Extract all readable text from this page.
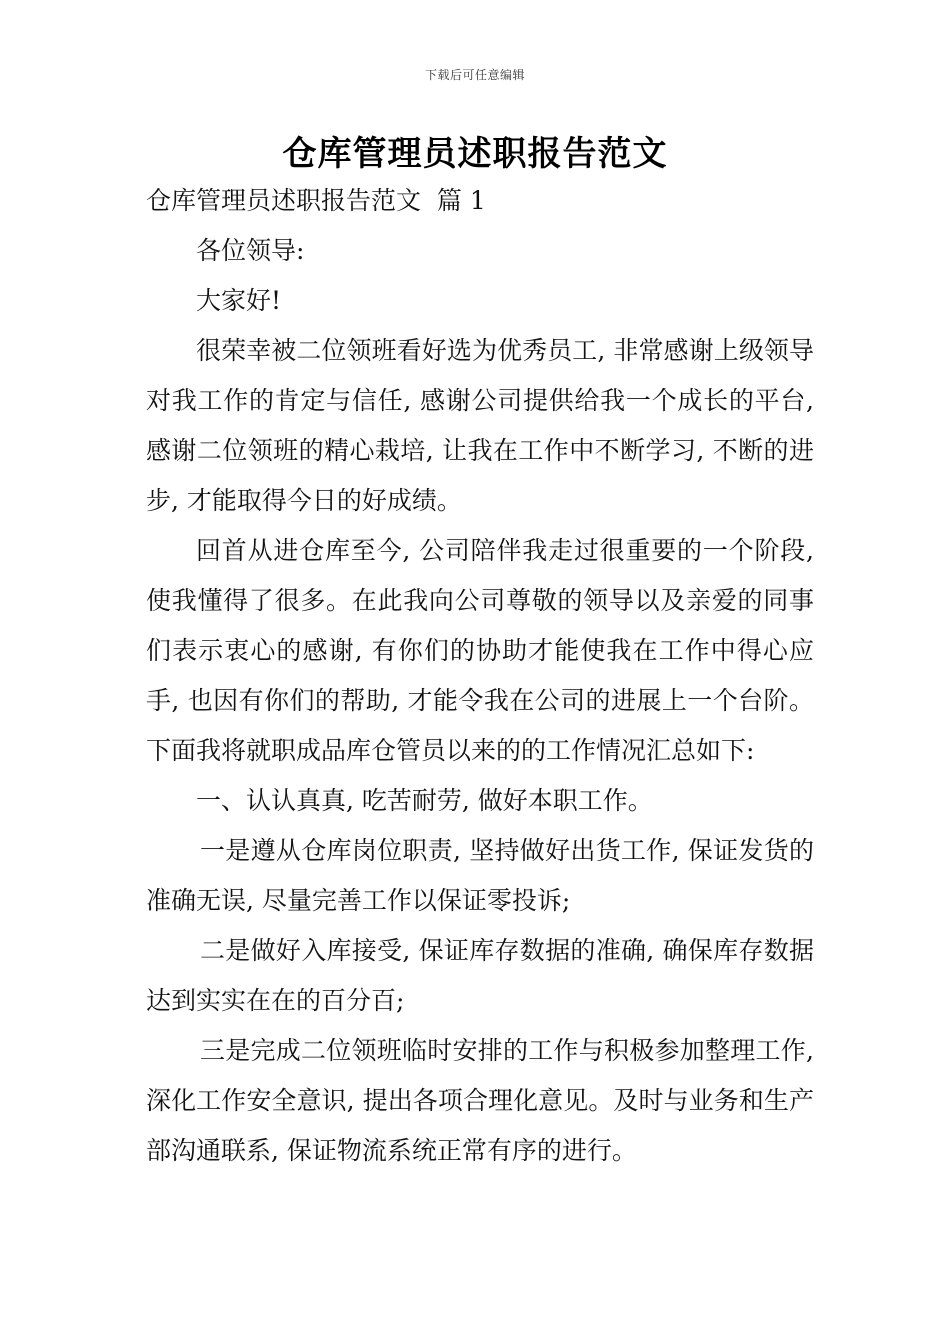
下载后可任意编辑
仓库管理员述职报告范文

仓库管理员述职报告范文  篇 1

各位领导:

大家好!

很荣幸被二位领班看好选为优秀员工, 非常感谢上级领导对我工作的肯定与信任, 感谢公司提供给我一个成长的平台, 感谢二位领班的精心栽培, 让我在工作中不断学习, 不断的进步, 才能取得今日的好成绩。

回首从进仓库至今, 公司陪伴我走过很重要的一个阶段, 使我懂得了很多。在此我向公司尊敬的领导以及亲爱的同事们表示衷心的感谢, 有你们的协助才能使我在工作中得心应手, 也因有你们的帮助, 才能令我在公司的进展上一个台阶。下面我将就职成品库仓管员以来的的工作情况汇总如下:

一、认认真真, 吃苦耐劳, 做好本职工作。

一是遵从仓库岗位职责, 坚持做好出货工作, 保证发货的准确无误, 尽量完善工作以保证零投诉;

二是做好入库接受, 保证库存数据的准确, 确保库存数据达到实实在在的百分百;

三是完成二位领班临时安排的工作与积极参加整理工作, 深化工作安全意识, 提出各项合理化意见。及时与业务和生产部沟通联系, 保证物流系统正常有序的进行。
